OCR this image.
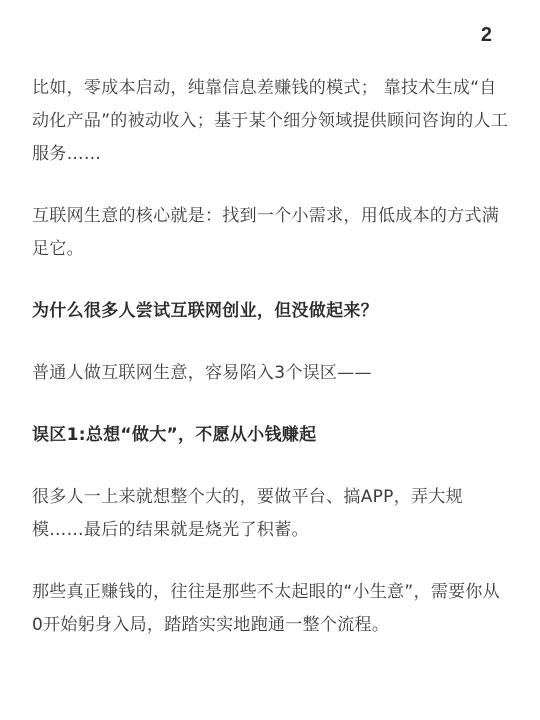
2

比如，零成本启动，纯靠信息差赚钱的模式； 靠技术生成“自动化产品”的被动收入；基于某个细分领域提供顾问咨询的人工服务……

互联网生意的核心就是：找到一个小需求，用低成本的方式满足它。

为什么很多人尝试互联网创业，但没做起来？

普通人做互联网生意，容易陷入3个误区——

误区1:总想“做大”，不愿从小钱赚起

很多人一上来就想整个大的，要做平台、搞APP，弄大规模……最后的结果就是烧光了积蓄。

那些真正赚钱的，往往是那些不太起眼的“小生意”，需要你从0开始躬身入局，踏踏实实地跑通一整个流程。
